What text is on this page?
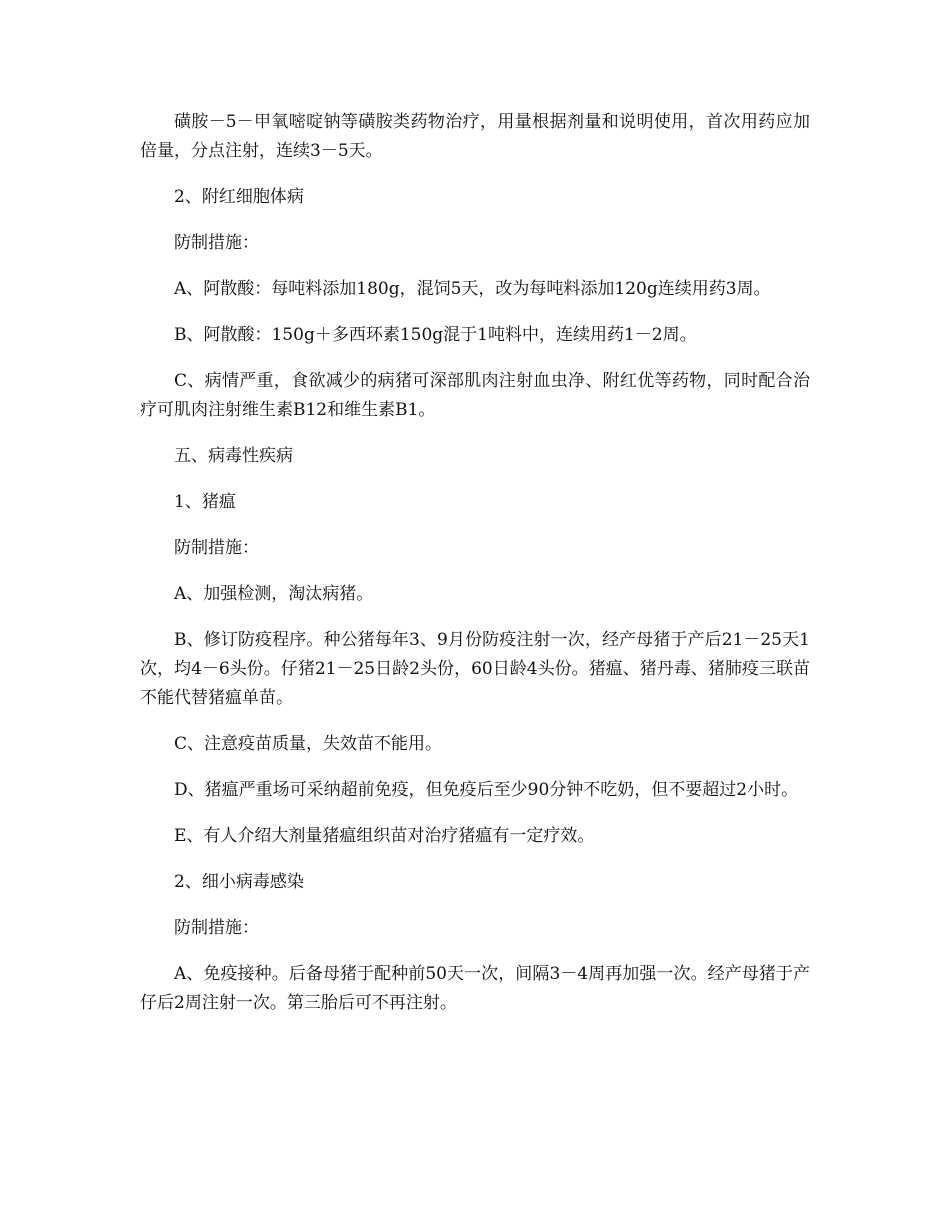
磺胺－5－甲氧嘧啶钠等磺胺类药物治疗，用量根据剂量和说明使用，首次用药应加倍量，分点注射，连续3－5天。

2、附红细胞体病

防制措施：

A、阿散酸：每吨料添加180g，混饲5天，改为每吨料添加120g连续用药3周。

B、阿散酸：150g＋多西环素150g混于1吨料中，连续用药1－2周。

C、病情严重，食欲减少的病猪可深部肌肉注射血虫净、附红优等药物，同时配合治疗可肌肉注射维生素B12和维生素B1。

五、病毒性疾病

1、猪瘟

防制措施：

A、加强检测，淘汰病猪。

B、修订防疫程序。种公猪每年3、9月份防疫注射一次，经产母猪于产后21－25天1次，均4－6头份。仔猪21－25日龄2头份，60日龄4头份。猪瘟、猪丹毒、猪肺疫三联苗不能代替猪瘟单苗。

C、注意疫苗质量，失效苗不能用。

D、猪瘟严重场可采纳超前免疫，但免疫后至少90分钟不吃奶，但不要超过2小时。

E、有人介绍大剂量猪瘟组织苗对治疗猪瘟有一定疗效。

2、细小病毒感染

防制措施：

A、免疫接种。后备母猪于配种前50天一次，间隔3－4周再加强一次。经产母猪于产仔后2周注射一次。第三胎后可不再注射。
